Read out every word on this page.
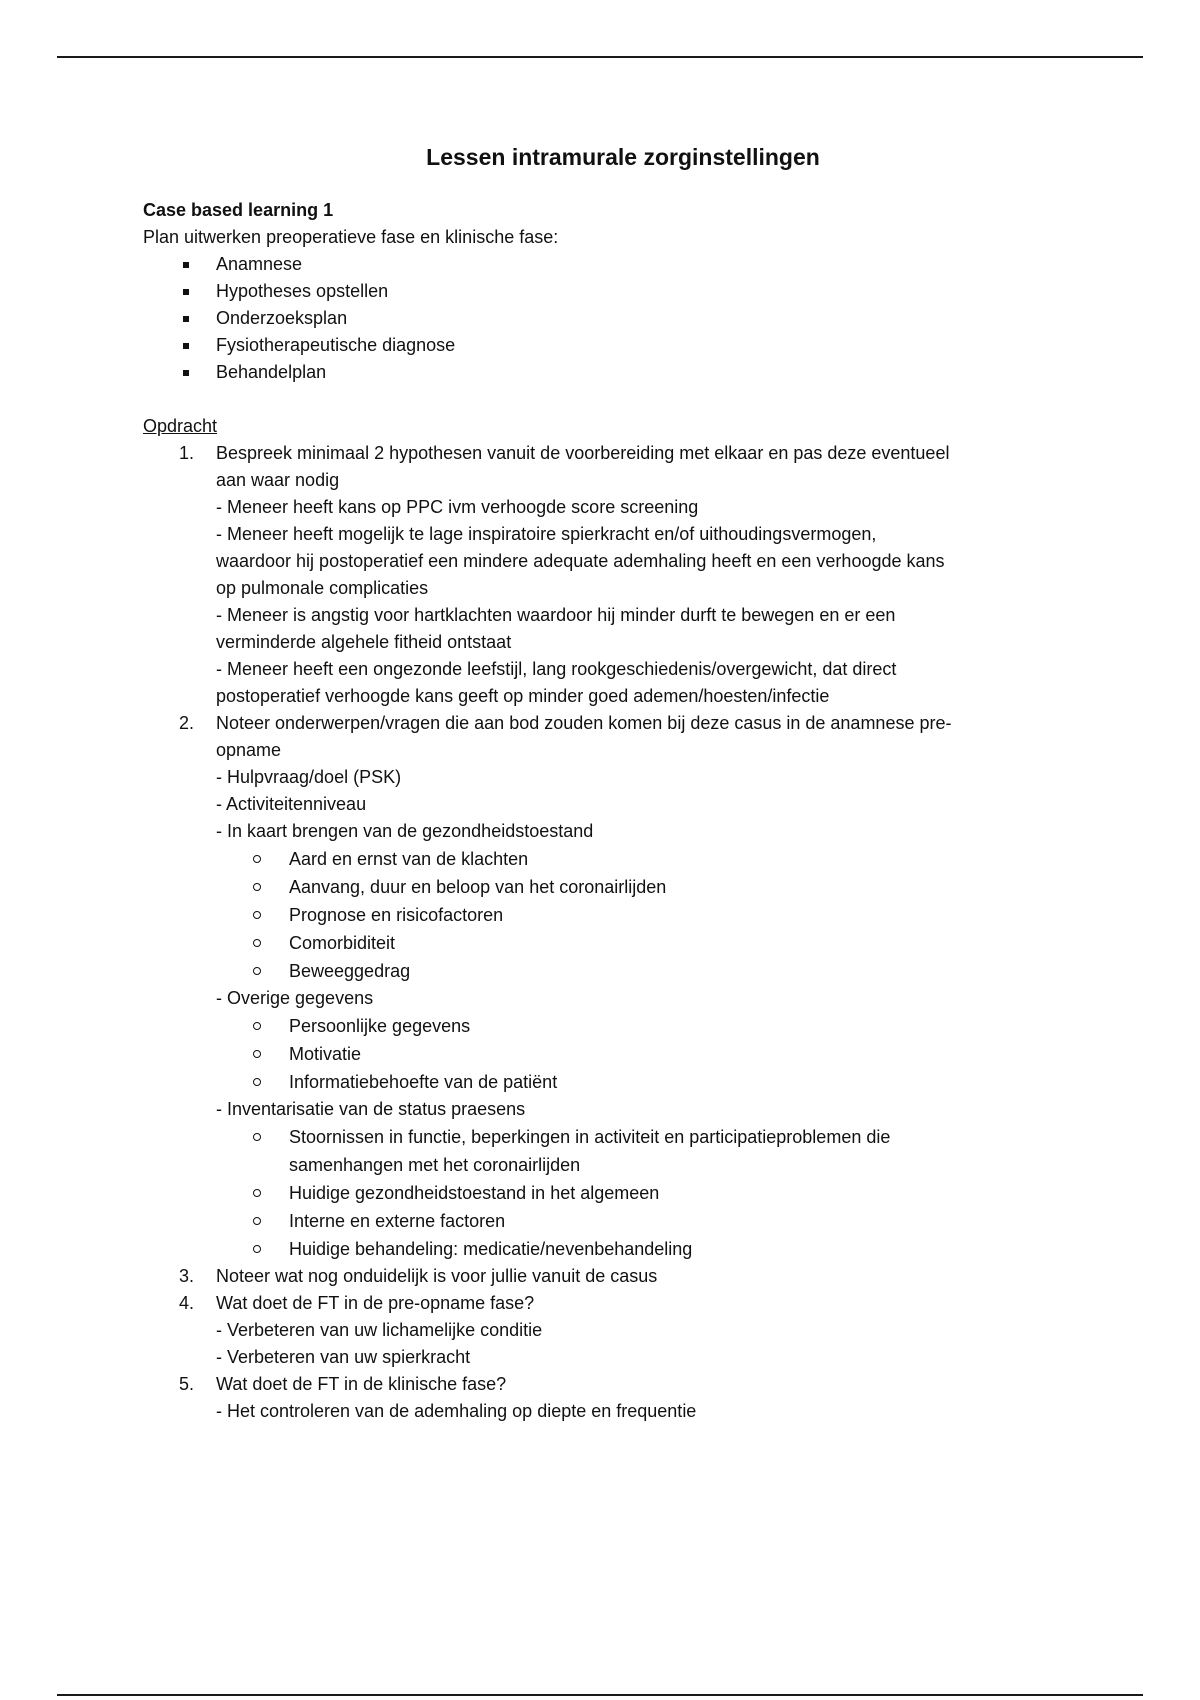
Lessen intramurale zorginstellingen
Case based learning 1
Plan uitwerken preoperatieve fase en klinische fase:
Anamnese
Hypotheses opstellen
Onderzoeksplan
Fysiotherapeutische diagnose
Behandelplan
Opdracht
1. Bespreek minimaal 2 hypothesen vanuit de voorbereiding met elkaar en pas deze eventueel
aan waar nodig
- Meneer heeft kans op PPC ivm verhoogde score screening
- Meneer heeft mogelijk te lage inspiratoire spierkracht en/of uithoudingsvermogen,
waardoor hij postoperatief een mindere adequate ademhaling heeft en een verhoogde kans
op pulmonale complicaties
- Meneer is angstig voor hartklachten waardoor hij minder durft te bewegen en er een
verminderde algehele fitheid ontstaat
- Meneer heeft een ongezonde leefstijl, lang rookgeschiedenis/overgewicht, dat direct
postoperatief verhoogde kans geeft op minder goed ademen/hoesten/infectie
2. Noteer onderwerpen/vragen die aan bod zouden komen bij deze casus in de anamnese pre-
opname
- Hulpvraag/doel (PSK)
- Activiteitenniveau
- In kaart brengen van de gezondheidstoestand
Aard en ernst van de klachten
Aanvang, duur en beloop van het coronairlijden
Prognose en risicofactoren
Comorbiditeit
Beweeggedrag
- Overige gegevens
Persoonlijke gegevens
Motivatie
Informatiebehoefte van de patiënt
- Inventarisatie van de status praesens
Stoornissen in functie, beperkingen in activiteit en participatieproblemen die
samenhangen met het coronairlijden
Huidige gezondheidstoestand in het algemeen
Interne en externe factoren
Huidige behandeling: medicatie/nevenbehandeling
3. Noteer wat nog onduidelijk is voor jullie vanuit de casus
4. Wat doet de FT in de pre-opname fase?
- Verbeteren van uw lichamelijke conditie
- Verbeteren van uw spierkracht
5. Wat doet de FT in de klinische fase?
- Het controleren van de ademhaling op diepte en frequentie
